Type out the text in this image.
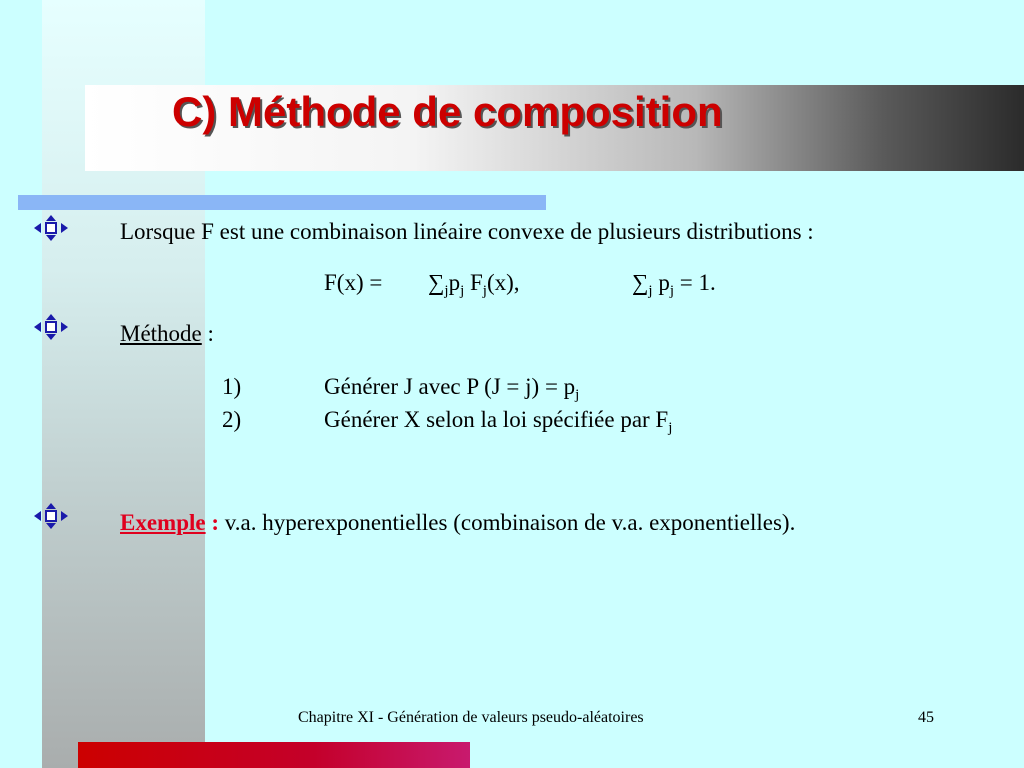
C) Méthode de composition
Lorsque F est une combinaison linéaire convexe de plusieurs distributions :
$F(x) = \sum_jp_j$ $F_j(x)$,	$\sum_j$ $p_j = 1$.
Méthode :
1)	Générer J avec P $(J = j) = p_j$
2)	Générer X selon la loi spécifiée par $F_j$
Exemple : v.a. hyperexponentielles (combinaison de v.a. exponentielles).
Chapitre XI - Génération de valeurs pseudo-aléatoires	45
